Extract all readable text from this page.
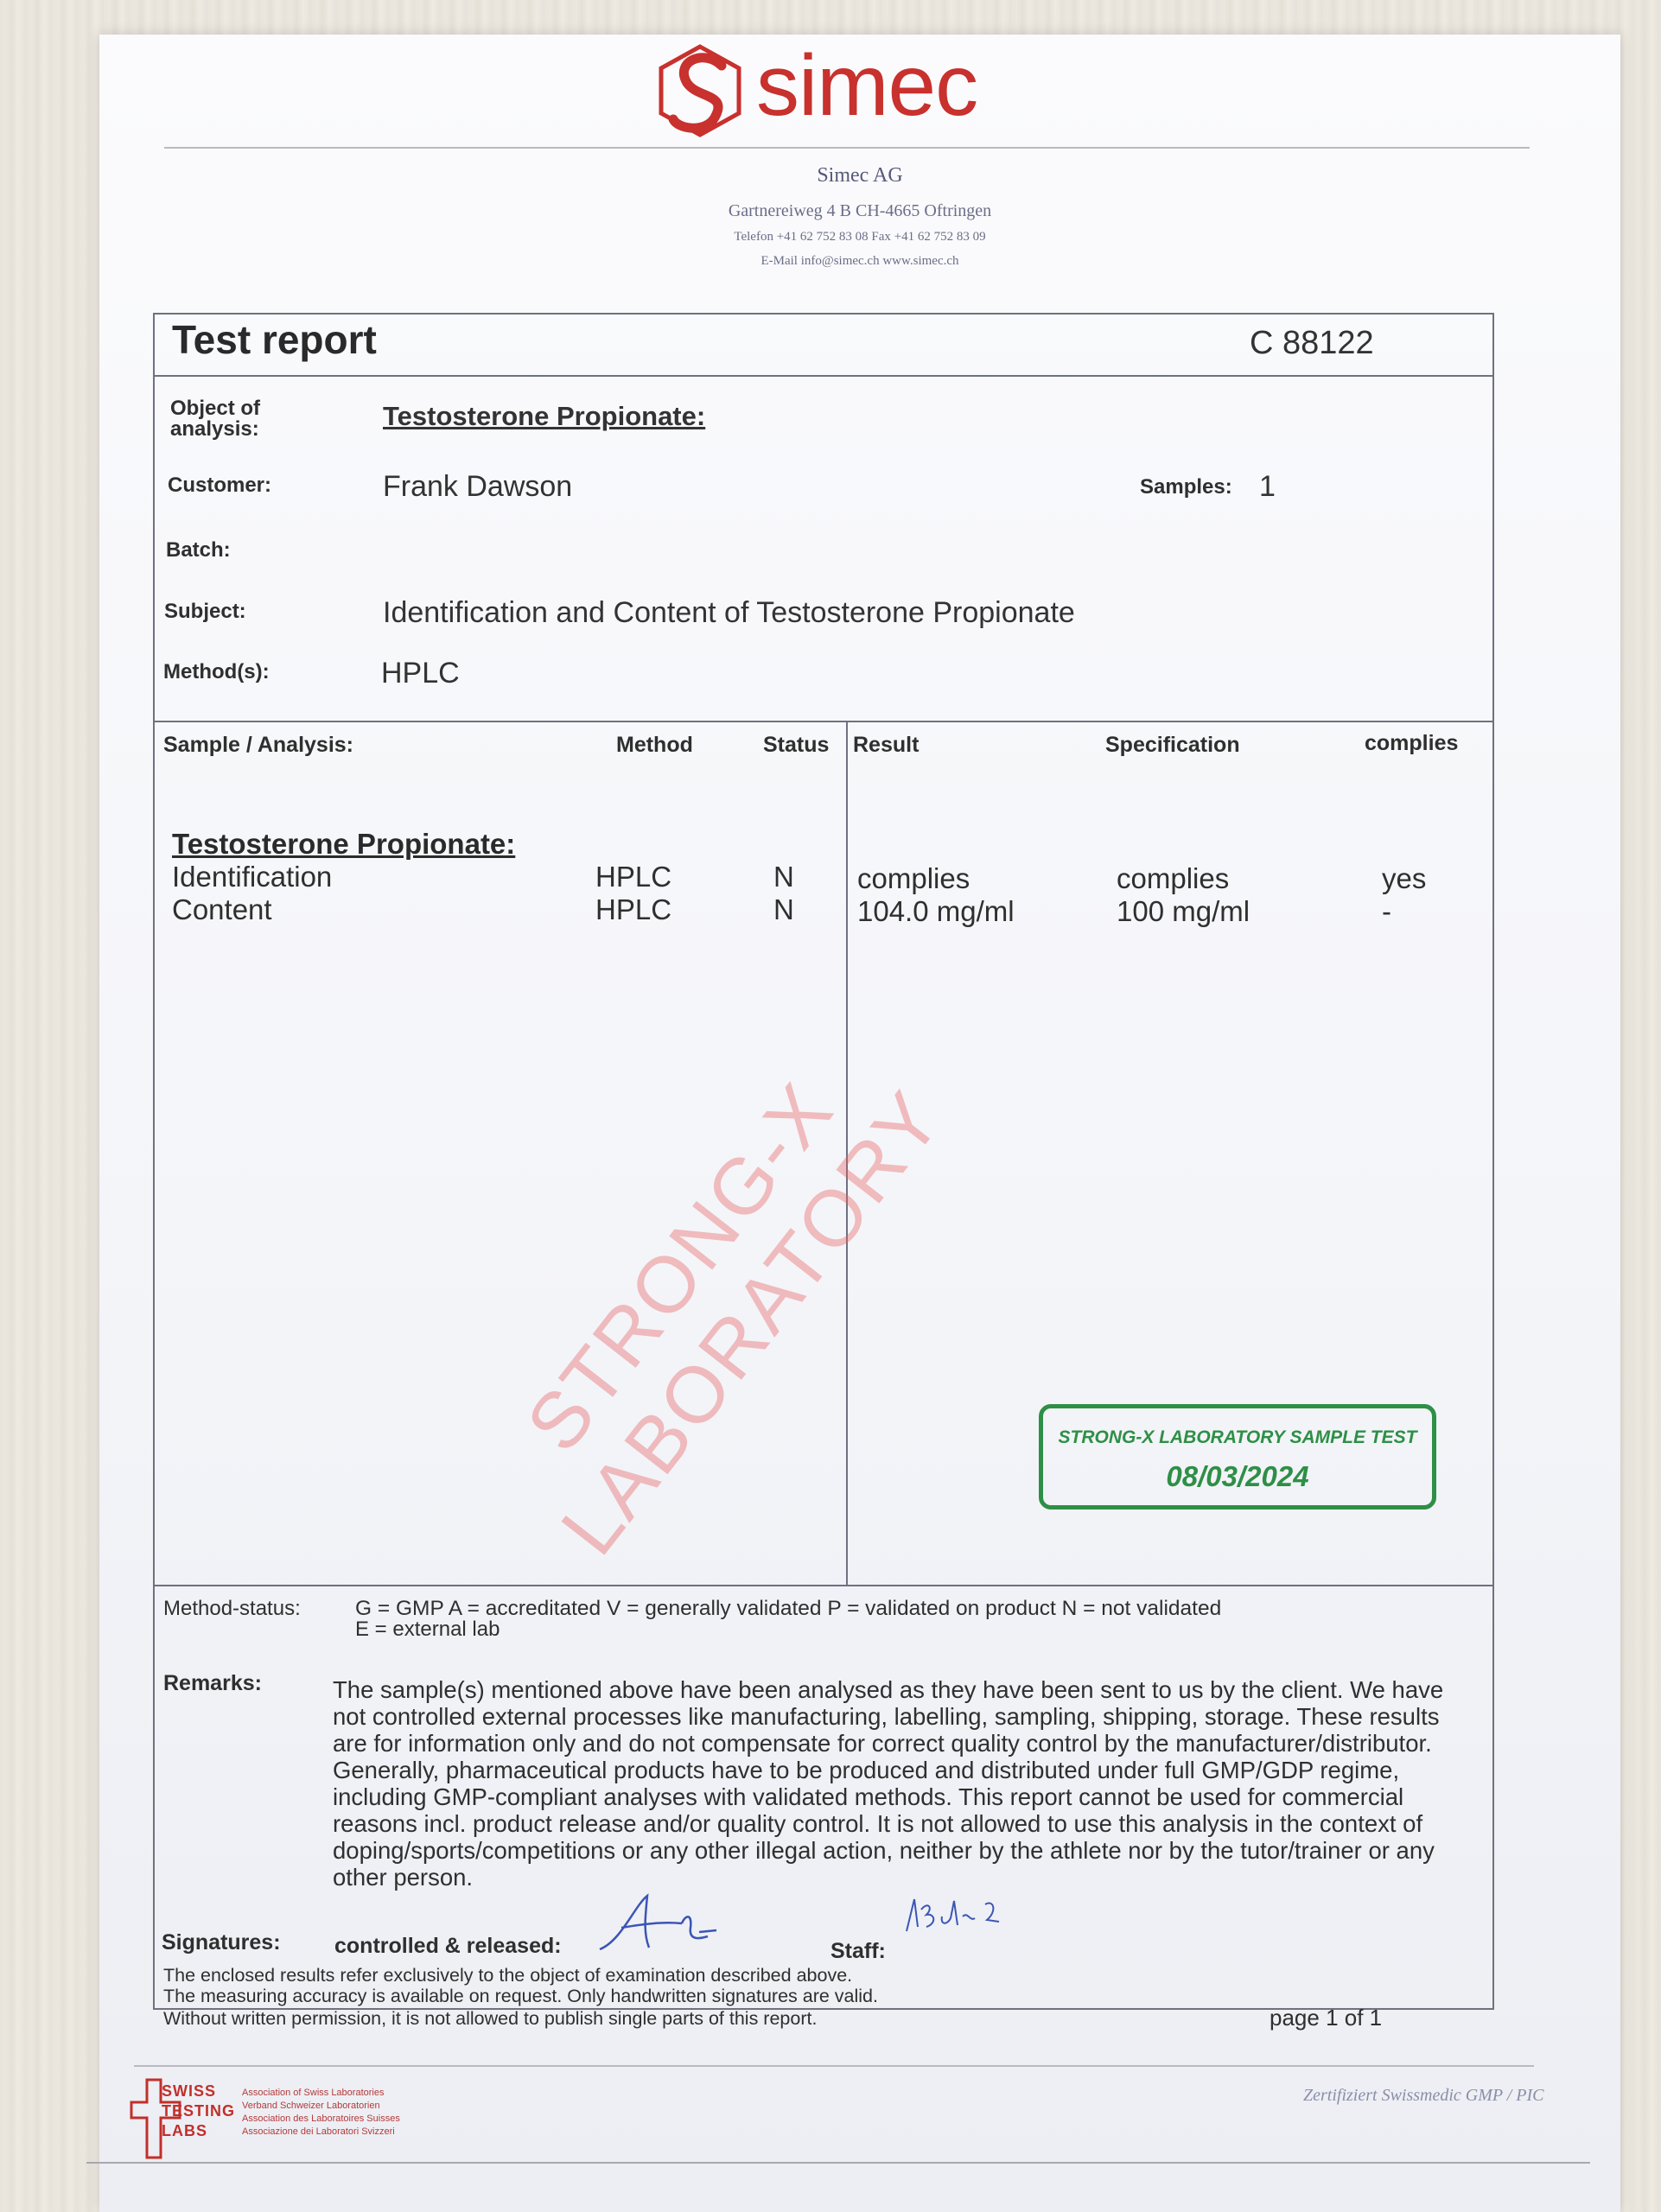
simec
Simec AG
Gartnereiweg 4 B CH-4665 Oftringen
Telefon +41 62 752 83 08 Fax +41 62 752 83 09
E-Mail info@simec.ch www.simec.ch
Test report	C 88122
Object of analysis:	Testosterone Propionate:
Customer:	Frank Dawson	Samples: 1
Batch:
Subject:	Identification and Content of Testosterone Propionate
Method(s):	HPLC
Sample / Analysis:	Method	Status Result	Specification	complies
Testosterone Propionate:
Identification	HPLC	N complies	complies	yes
Content	HPLC	N 104.0 mg/ml	100 mg/ml	-
STRONG-X LABORATORY	STRONG-X LABORATORY SAMPLE TEST
08/03/2024
Method-status:	G = GMP A = accreditated V = generally validated P = validated on product N = not validated
E = external lab
Remarks:	The sample(s) mentioned above have been analysed as they have been sent to us by the client. We have not controlled external processes like manufacturing, labelling, sampling, shipping, storage. These results are for information only and do not compensate for correct quality control by the manufacturer/distributor. Generally, pharmaceutical products have to be produced and distributed under full GMP/GDP regime, including GMP-compliant analyses with validated methods. This report cannot be used for commercial reasons incl. product release and/or quality control. It is not allowed to use this analysis in the context of doping/sports/competitions or any other illegal action, neither by the athlete nor by the tutor/trainer or any other person.
Signatures: controlled & released:	Staff:
The enclosed results refer exclusively to the object of examination described above.
The measuring accuracy is available on request. Only handwritten signatures are valid.
Without written permission, it is not allowed to publish single parts of this report.	page 1 of 1
SWISS
TESTING
LABS
Association of Swiss Laboratories
Verband Schweizer Laboratorien
Association des Laboratoires Suisses
Associazione dei Laboratori Svizzeri
Zertifiziert Swissmedic GMP / PIC
